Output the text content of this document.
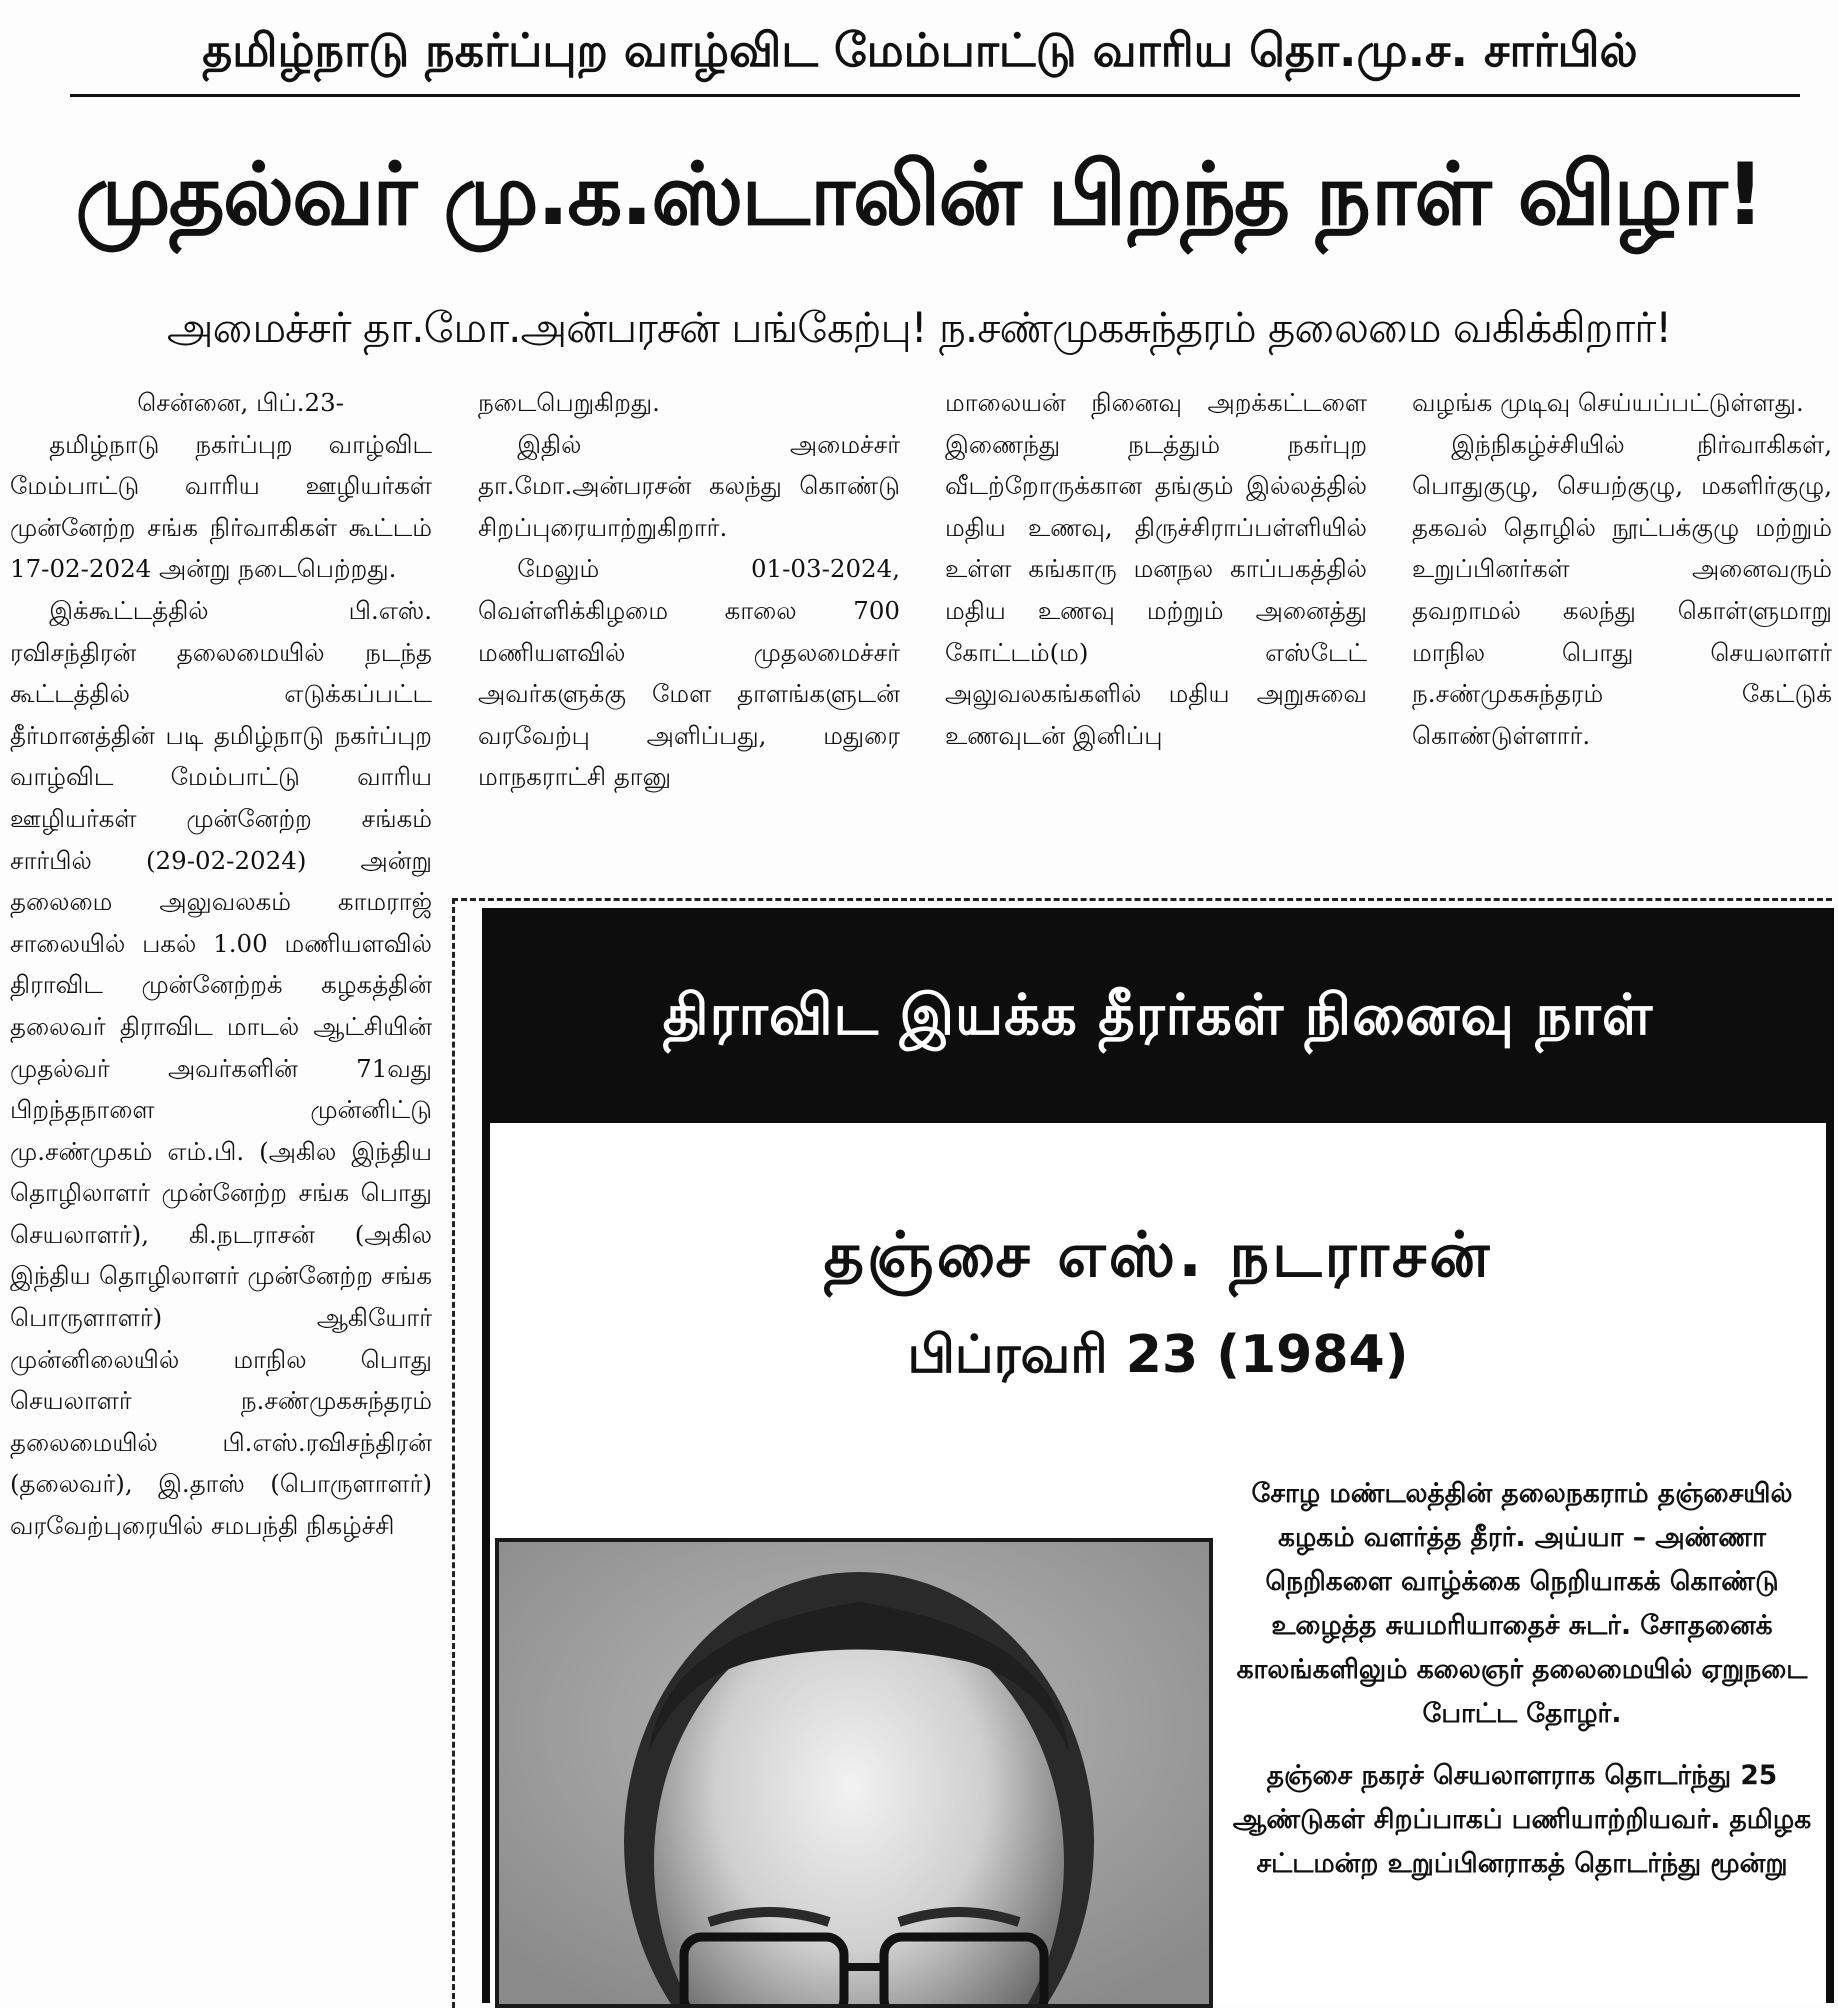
தமிழ்நாடு நகர்ப்புற வாழ்விட மேம்பாட்டு வாரிய தொ.மு.ச. சார்பில்
முதல்வர் மு.க.ஸ்டாலின் பிறந்த நாள் விழா!
அமைச்சர் தா.மோ.அன்பரசன் பங்கேற்பு! ந.சண்முகசுந்தரம் தலைமை வகிக்கிறார்!

சென்னை, பிப்.23-

தமிழ்நாடு நகர்ப்புற வாழ்விட மேம்பாட்டு வாரிய ஊழியர்கள் முன்னேற்ற சங்க நிர்வாகிகள் கூட்டம் 17-02-2024 அன்று நடைபெற்றது.

இக்கூட்டத்தில் பி.எஸ். ரவிசந்திரன் தலைமையில் நடந்த கூட்டத்தில் எடுக்கப்பட்ட தீர்மானத்தின் படி தமிழ்நாடு நகர்ப்புற வாழ்விட மேம்பாட்டு வாரிய ஊழியர்கள் முன்னேற்ற சங்கம் சார்பில் (29-02-2024) அன்று தலைமை அலுவலகம் காமராஜ் சாலையில் பகல் 1.00 மணியளவில் திராவிட முன்னேற்றக் கழகத்தின் தலைவர் திராவிட மாடல் ஆட்சியின் முதல்வர் அவர்களின் 71வது பிறந்தநாளை முன்னிட்டு மு.சண்முகம் எம்.பி. (அகில இந்திய தொழிலாளர் முன்னேற்ற சங்க பொது செயலாளர்), கி.நடராசன் (அகில இந்திய தொழிலாளர் முன்னேற்ற சங்க பொருளாளர்) ஆகியோர் முன்னிலையில் மாநில பொது செயலாளர் ந.சண்முகசுந்தரம் தலைமையில் பி.எஸ்.ரவிசந்திரன் (தலைவர்), இ.தாஸ் (பொருளாளர்) வரவேற்புரையில் சமபந்தி நிகழ்ச்சி

நடைபெறுகிறது.

இதில் அமைச்சர் தா.மோ.அன்பரசன் கலந்து கொண்டு சிறப்புரையாற்றுகிறார்.

மேலும் 01-03-2024, வெள்ளிக்கிழமை காலை 700 மணியளவில் முதலமைச்சர் அவர்களுக்கு மேள தாளங்களுடன் வரவேற்பு அளிப்பது, மதுரை மாநகராட்சி தானு

மாலையன் நினைவு அறக்கட்டளை இணைந்து நடத்தும் நகர்புற வீடற்றோருக்கான தங்கும் இல்லத்தில் மதிய உணவு, திருச்சிராப்பள்ளியில் உள்ள கங்காரு மனநல காப்பகத்தில் மதிய உணவு மற்றும் அனைத்து கோட்டம்(ம) எஸ்டேட் அலுவலகங்களில் மதிய அறுசுவை உணவுடன் இனிப்பு

வழங்க முடிவு செய்யப்பட்டுள்ளது.

இந்நிகழ்ச்சியில் நிர்வாகிகள், பொதுகுழு, செயற்குழு, மகளிர்குழு, தகவல் தொழில் நூட்பக்குழு மற்றும் உறுப்பினர்கள் அனைவரும் தவறாமல் கலந்து கொள்ளுமாறு மாநில பொது செயலாளர் ந.சண்முகசுந்தரம் கேட்டுக் கொண்டுள்ளார்.

திராவிட இயக்க தீரர்கள் நினைவு நாள்
தஞ்சை எஸ். நடராசன்
பிப்ரவரி 23 (1984)

சோழ மண்டலத்தின் தலைநகராம் தஞ்சையில் கழகம் வளர்த்த தீரர். அய்யா – அண்ணா நெறிகளை வாழ்க்கை நெறியாகக் கொண்டு உழைத்த சுயமரியாதைச் சுடர். சோதனைக் காலங்களிலும் கலைஞர் தலைமையில் ஏறுநடை போட்ட தோழர்.

தஞ்சை நகரச் செயலாளராக தொடர்ந்து 25 ஆண்டுகள் சிறப்பாகப் பணியாற்றியவர். தமிழக சட்டமன்ற உறுப்பினராகத் தொடர்ந்து மூன்று
